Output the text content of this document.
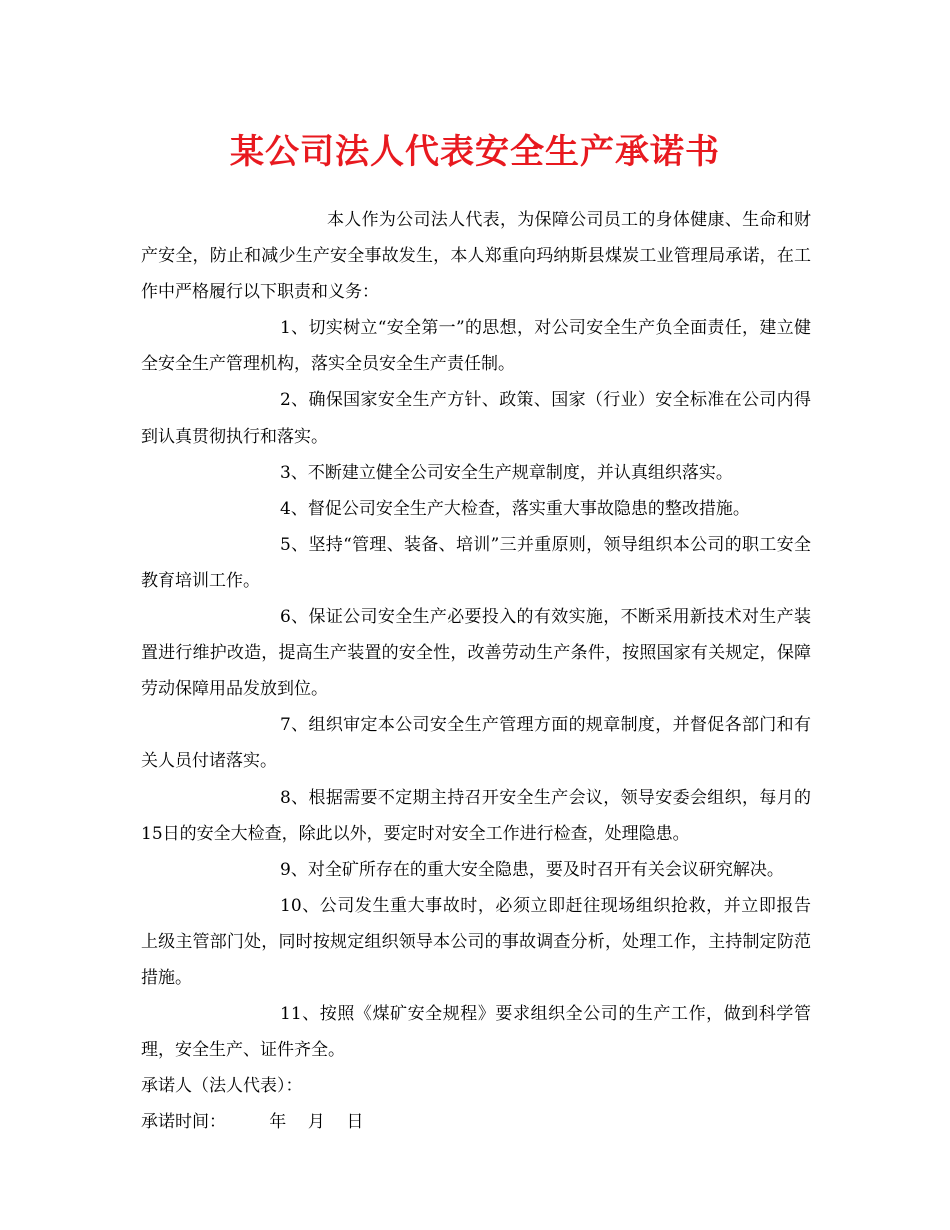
某公司法人代表安全生产承诺书

本人作为公司法人代表，为保障公司员工的身体健康、生命和财产安全，防止和减少生产安全事故发生，本人郑重向玛纳斯县煤炭工业管理局承诺，在工作中严格履行以下职责和义务：

1、切实树立“安全第一”的思想，对公司安全生产负全面责任，建立健全安全生产管理机构，落实全员安全生产责任制。

2、确保国家安全生产方针、政策、国家（行业）安全标准在公司内得到认真贯彻执行和落实。

3、不断建立健全公司安全生产规章制度，并认真组织落实。

4、督促公司安全生产大检查，落实重大事故隐患的整改措施。

5、坚持“管理、装备、培训”三并重原则，领导组织本公司的职工安全教育培训工作。

6、保证公司安全生产必要投入的有效实施，不断采用新技术对生产装置进行维护改造，提高生产装置的安全性，改善劳动生产条件，按照国家有关规定，保障劳动保障用品发放到位。

7、组织审定本公司安全生产管理方面的规章制度，并督促各部门和有关人员付诸落实。

8、根据需要不定期主持召开安全生产会议，领导安委会组织，每月的15日的安全大检查，除此以外，要定时对安全工作进行检查，处理隐患。

9、对全矿所存在的重大安全隐患，要及时召开有关会议研究解决。

10、公司发生重大事故时，必须立即赶往现场组织抢救，并立即报告上级主管部门处，同时按规定组织领导本公司的事故调查分析，处理工作，主持制定防范措施。

11、按照《煤矿安全规程》要求组织全公司的生产工作，做到科学管理，安全生产、证件齐全。

承诺人（法人代表）：

承诺时间：        年    月    日
